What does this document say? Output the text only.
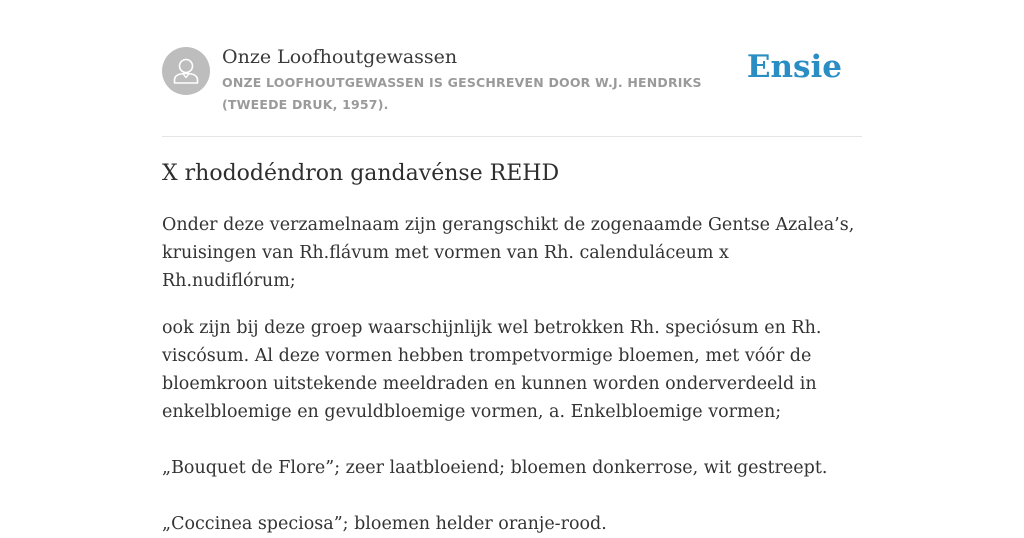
Onze Loofhoutgewassen
ONZE LOOFHOUTGEWASSEN IS GESCHREVEN DOOR W.J. HENDRIKS (TWEEDE DRUK, 1957).
Ensie
X rhododéndron gandavénse REHD

Onder deze verzamelnaam zijn gerangschikt de zogenaamde Gentse Azalea’s, kruisingen van Rh.flávum met vormen van Rh. calenduláceum x Rh.nudiflórum;

ook zijn bij deze groep waarschijnlijk wel betrokken Rh. speciósum en Rh. viscósum. Al deze vormen hebben trompetvormige bloemen, met vóór de bloemkroon uitstekende meeldraden en kunnen worden onderverdeeld in enkelbloemige en gevuldbloemige vormen, a. Enkelbloemige vormen;

„Bouquet de Flore”; zeer laatbloeiend; bloemen donkerrose, wit gestreept.

„Coccinea speciosa”; bloemen helder oranje-rood.
